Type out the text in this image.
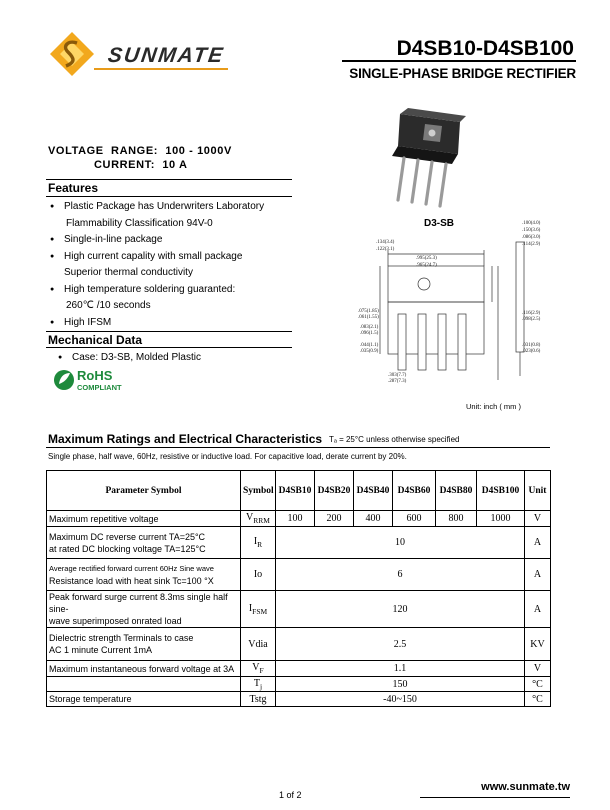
SUNMATE	D4SB10-D4SB100
SINGLE-PHASE BRIDGE RECTIFIER
VOLTAGE  RANGE: 100 - 1000V
CURRENT: 10 A
Features
● Plastic Package has Underwriters Laboratory
Flammability Classification 94V-0
● Single-in-line package
● High current capality with small package
Superior thermal conductivity
● High temperature soldering guaranted:
260℃ /10 seconds
● High IFSM
Mechanical Data
● Case: D3-SB, Molded Plastic
RoHS
COMPLIANT
D3-SB
.134(3.4)
.122(3.1)
.995(25.3)
.965(24.7)
.100(4.0)
.150(3.6)
.086(3.0)
.114(2.9)
.075(1.85)
.061(1.55)
.083(2.1)
.096(1.5)
.044(1.1)
.035(0.9)
.303(7.7)
.287(7.3)
.116(2.9)
.098(2.5)
.031(0.8)
.023(0.6)
Unit: inch ( mm )
Maximum Ratings and Electrical Characteristics Tₐ = 25°C unless otherwise specified
Single phase, half wave, 60Hz, resistive or inductive load. For capacitive load, derate current by 20%.
Parameter Symbol	Symbol	D4SB10	D4SB20	D4SB40	D4SB60	D4SB80	D4SB100	Unit
Maximum repetitive voltage	$V_{RRM}$	100	200	400	600	800	1000	V

Maximum DC reverse current TA=25°C
at rated DC blocking voltage TA=125°C	$I_R$	10						A

Average rectified forward current 60Hz Sine wave
Resistance load with heat sink Tc=100 °X	Io	6						A

Peak forward surge current 8.3ms single half sine-
wave superimposed onrated load	$I_{FSM}$	120						A

Dielectric strength Terminals to case
AC 1 minute Current 1mA	Vdia	2.5						KV
Maximum instantaneous forward voltage at 3A	$V_F$	1.1						V
	$T_j$	150						°C
Storage temperature	Tstg	-40~150						°C
1 of 2
www.sunmate.tw
